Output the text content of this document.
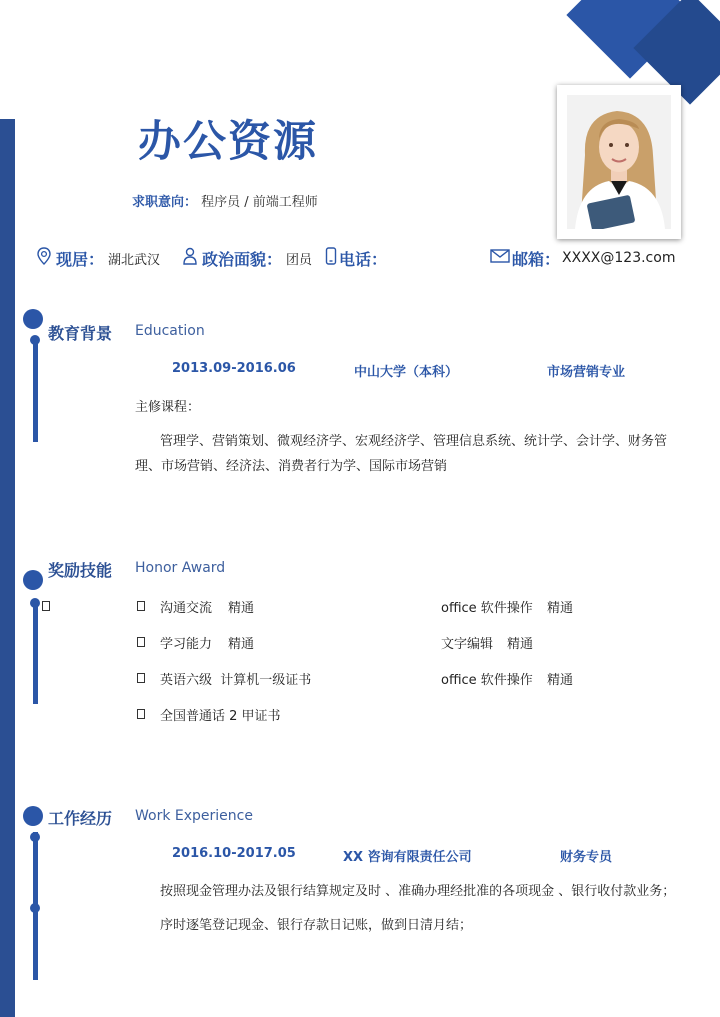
办公资源
求职意向： 程序员 / 前端工程师
现居： 湖北武汉	政治面貌： 团员 电话：	邮箱： XXXX@123.com
教育背景 Education
2013.09-2016.06	中山大学（本科）	市场营销专业
主修课程：
管理学、营销策划、微观经济学、宏观经济学、管理信息系统、统计学、会计学、财务管
理、市场营销、经济法、消费者行为学、国际市场营销
奖励技能 Honor Award
沟通交流 精通	office 软件操作 精通
学习能力 精通	文字编辑 精通
英语六级  计算机一级证书	office 软件操作 精通
全国普通话 2 甲证书
工作经历 Work Experience
2016.10-2017.05	XX 咨询有限责任公司	财务专员
按照现金管理办法及银行结算规定及时 、准确办理经批准的各项现金 、银行收付款业务；
序时逐笔登记现金、银行存款日记账，做到日清月结；
